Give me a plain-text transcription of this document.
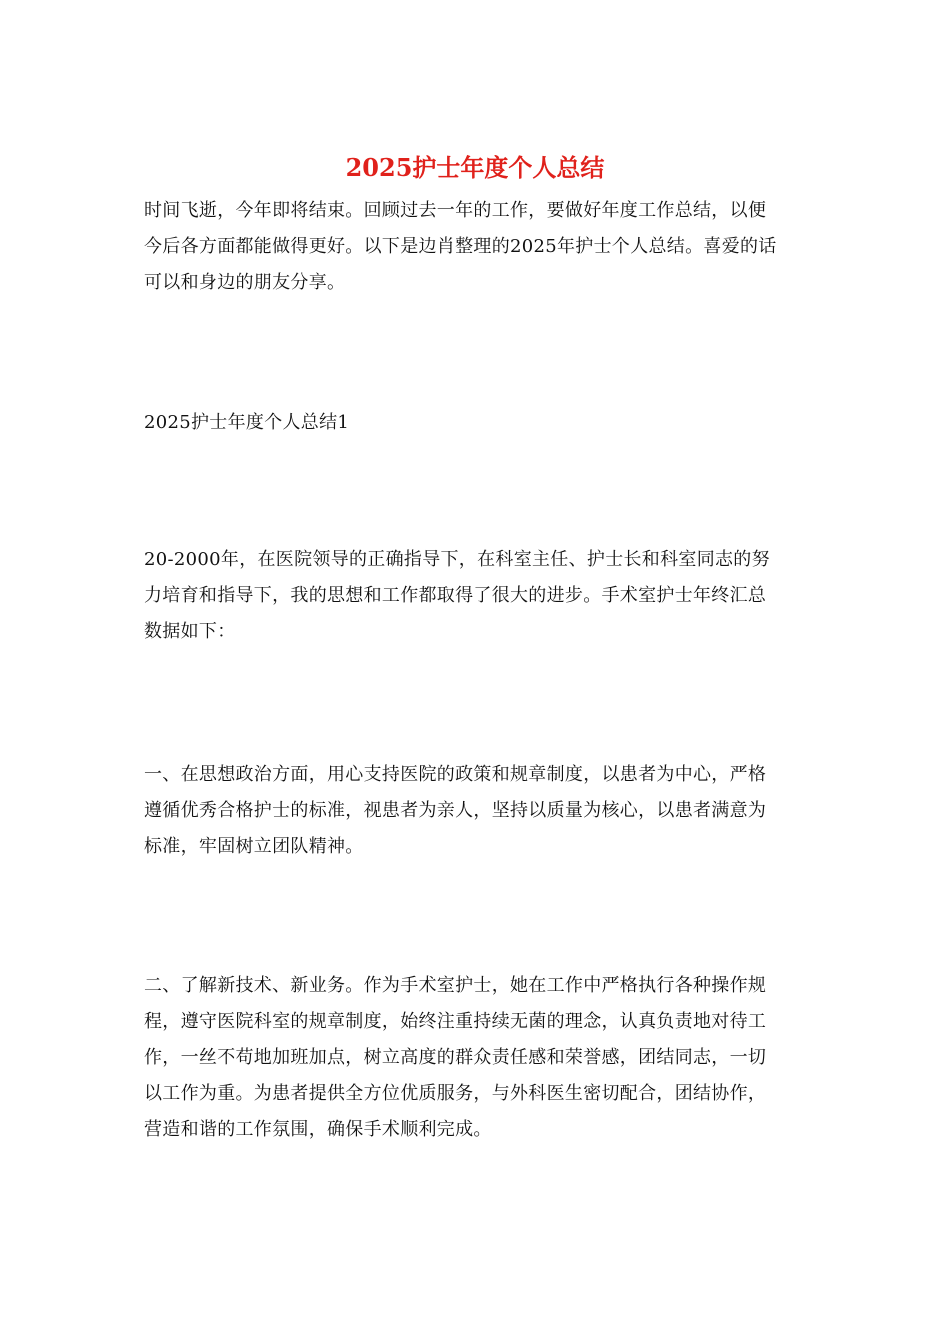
2025护士年度个人总结

时间飞逝，今年即将结束。回顾过去一年的工作，要做好年度工作总结，以便
今后各方面都能做得更好。以下是边肖整理的2025年护士个人总结。喜爱的话
可以和身边的朋友分享。

2025护士年度个人总结1

20-2000年，在医院领导的正确指导下，在科室主任、护士长和科室同志的努
力培育和指导下，我的思想和工作都取得了很大的进步。手术室护士年终汇总
数据如下：

一、在思想政治方面，用心支持医院的政策和规章制度，以患者为中心，严格
遵循优秀合格护士的标准，视患者为亲人，坚持以质量为核心，以患者满意为
标准，牢固树立团队精神。

二、了解新技术、新业务。作为手术室护士，她在工作中严格执行各种操作规
程，遵守医院科室的规章制度，始终注重持续无菌的理念，认真负责地对待工
作，一丝不苟地加班加点，树立高度的群众责任感和荣誉感，团结同志，一切
以工作为重。为患者提供全方位优质服务，与外科医生密切配合，团结协作，
营造和谐的工作氛围，确保手术顺利完成。
